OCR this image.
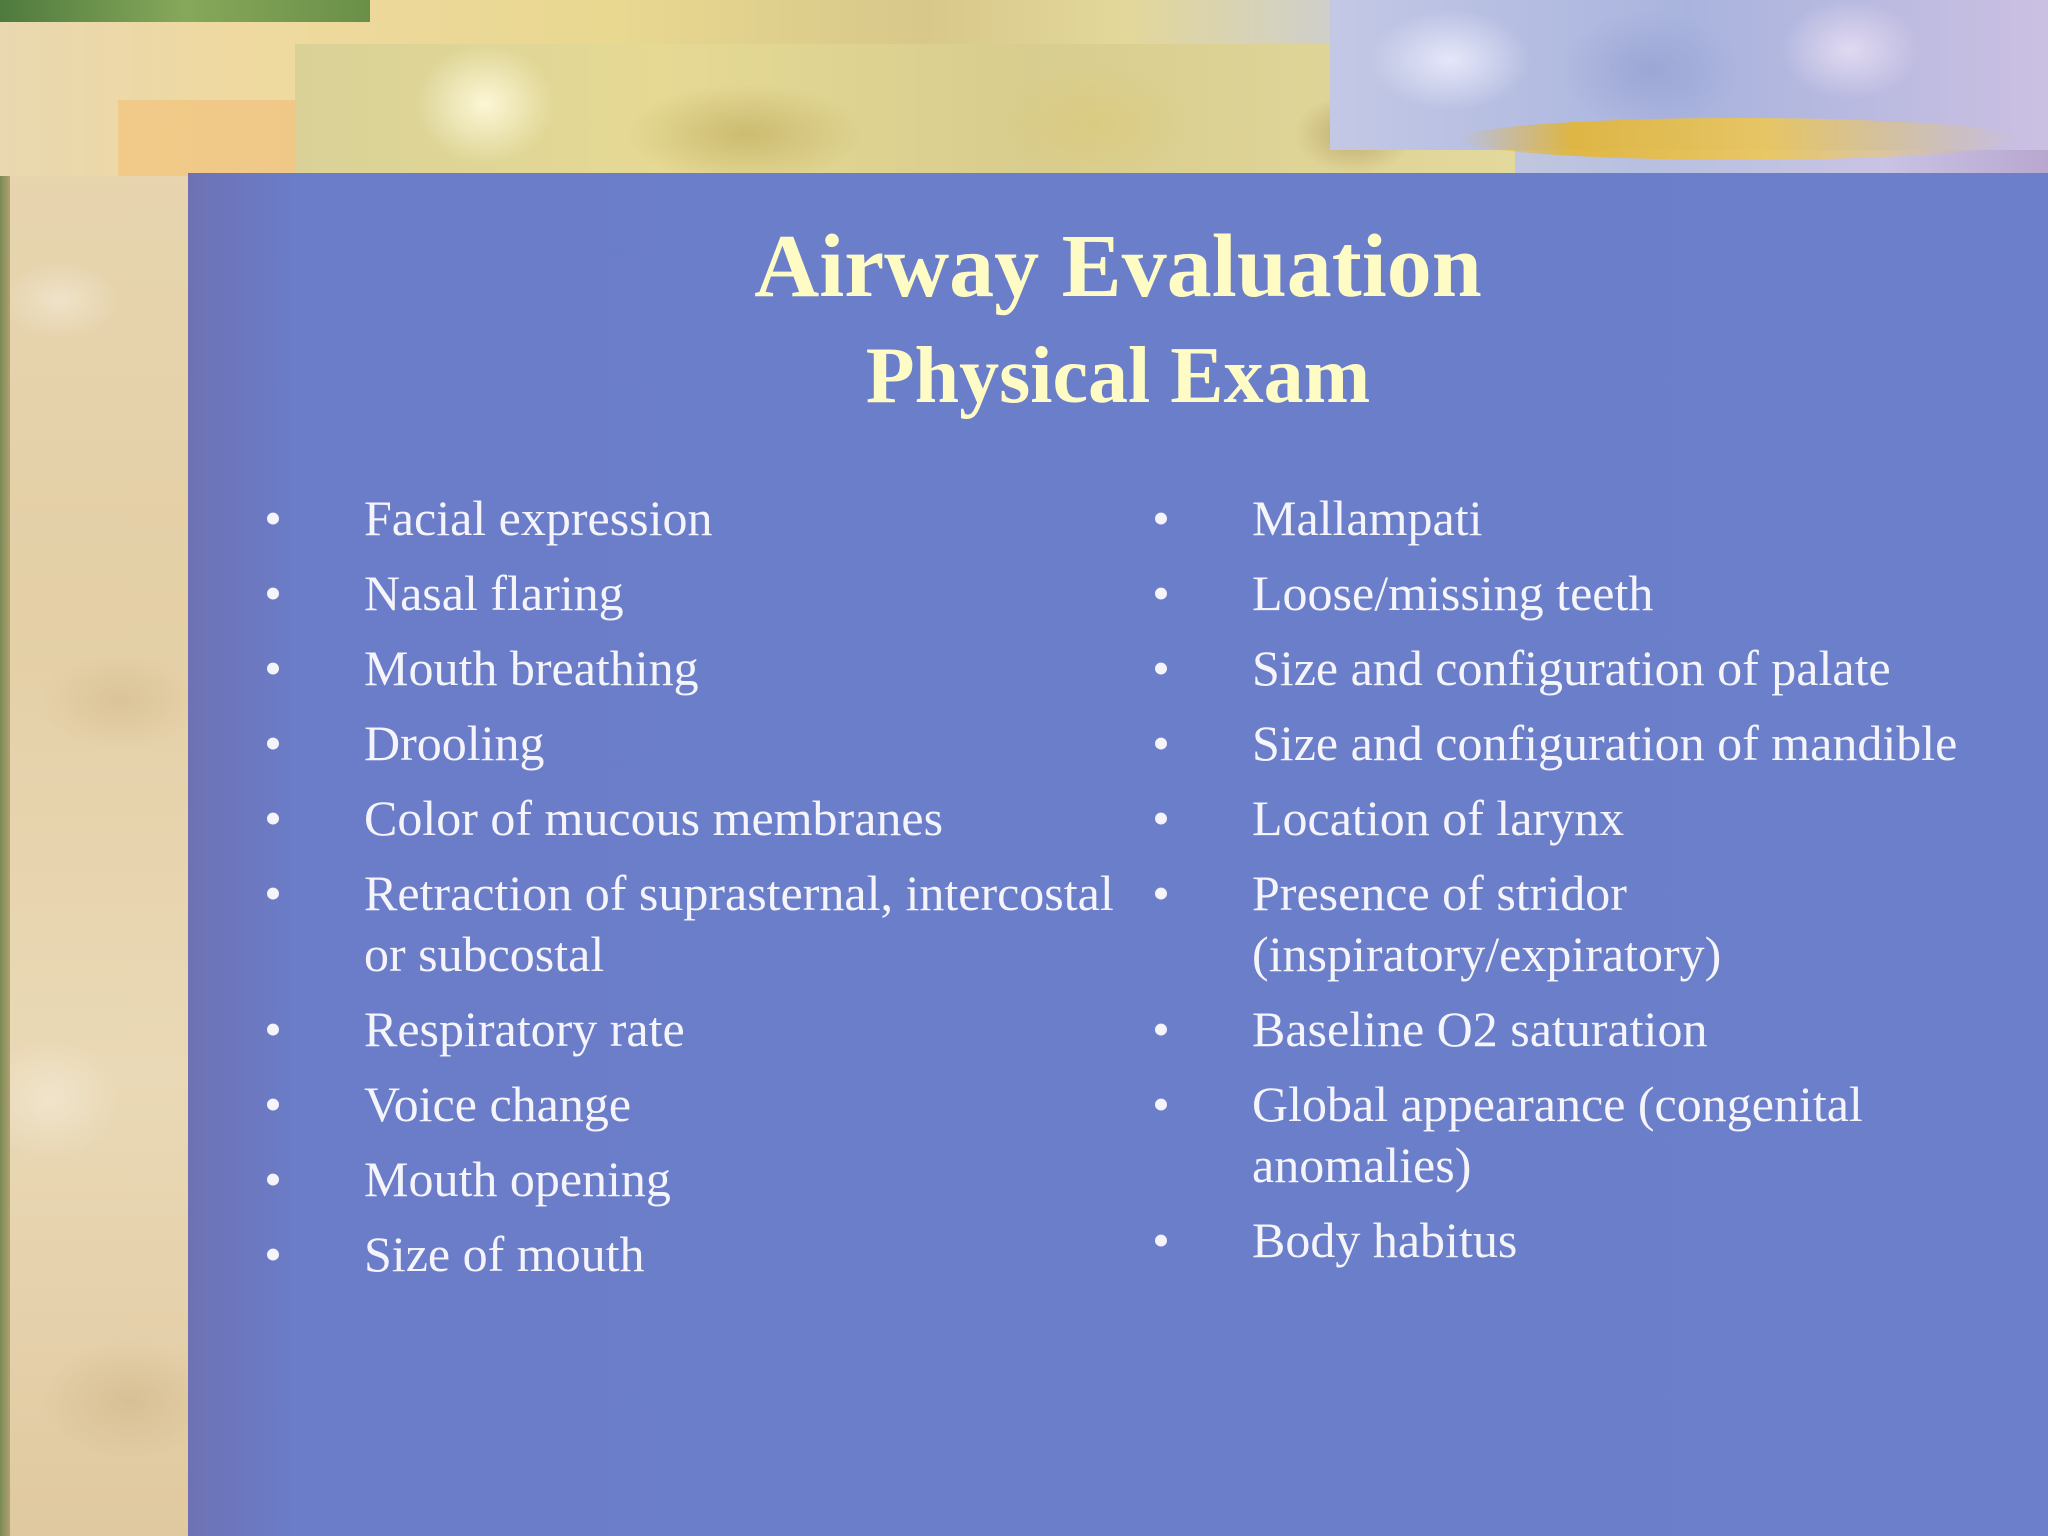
Airway Evaluation
Physical Exam
• Facial expression
• Nasal flaring
• Mouth breathing
• Drooling
• Color of mucous membranes
• Retraction of suprasternal, intercostal or subcostal
• Respiratory rate
• Voice change
• Mouth opening
• Size of mouth
• Mallampati
• Loose/missing teeth
• Size and configuration of palate
• Size and configuration of mandible
• Location of larynx
• Presence of stridor (inspiratory/expiratory)
• Baseline O2 saturation
• Global appearance (congenital anomalies)
• Body habitus
